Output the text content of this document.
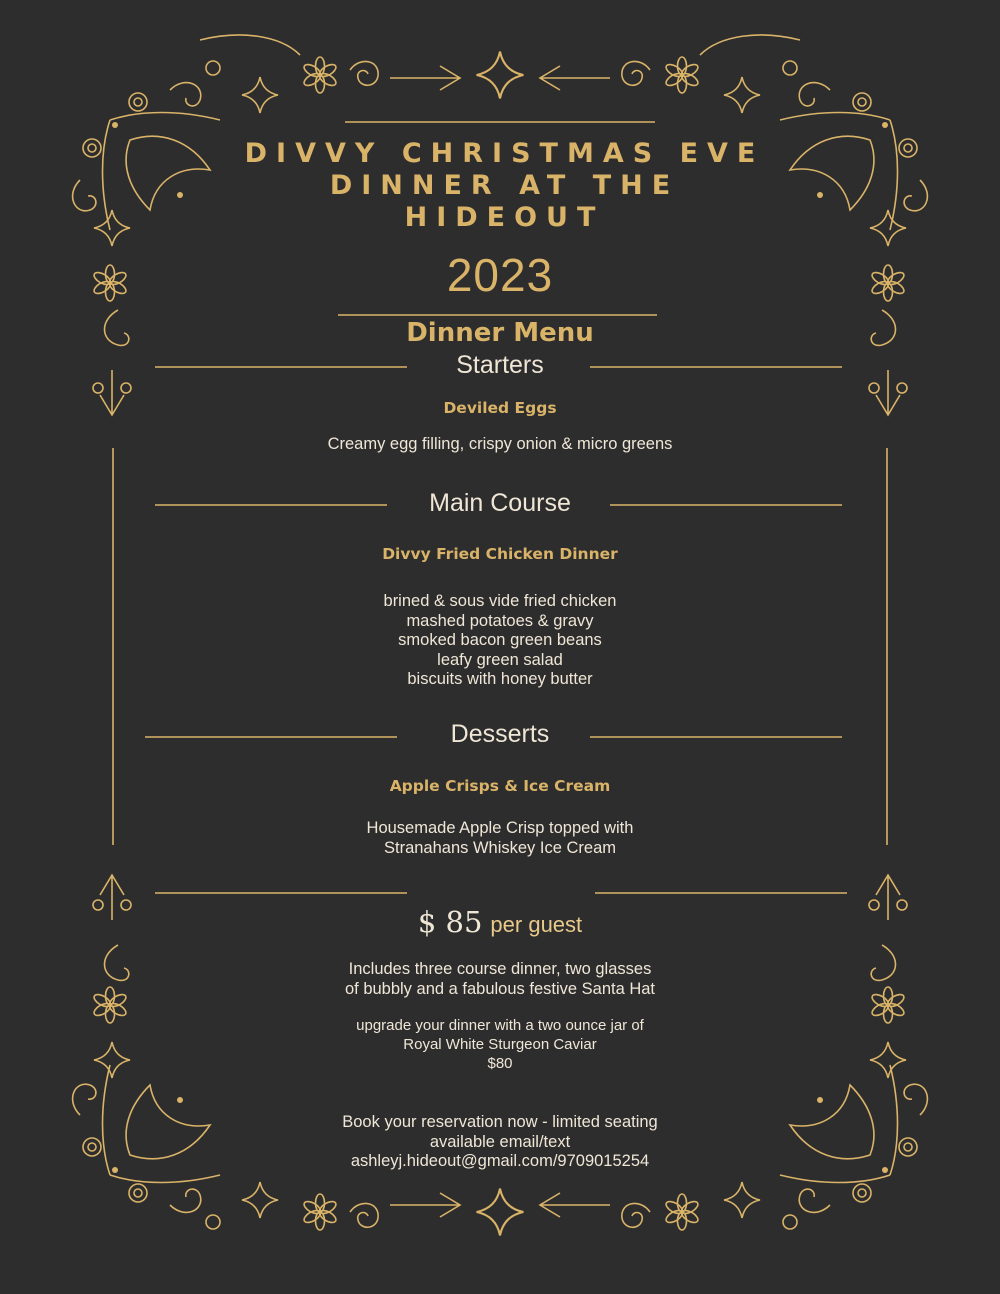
DIVVY CHRISTMAS EVE
DINNER AT THE
HIDEOUT
2023
Dinner Menu
Starters
Deviled Eggs
Creamy egg filling, crispy onion & micro greens
Main Course
Divvy Fried Chicken Dinner
brined & sous vide fried chicken
mashed potatoes & gravy
smoked bacon green beans
leafy green salad
biscuits with honey butter
Desserts
Apple Crisps & Ice Cream
Housemade Apple Crisp topped with
Stranahans Whiskey Ice Cream
$ 85 per guest
Includes three course dinner, two glasses
of bubbly and a fabulous festive Santa Hat
upgrade your dinner with a two ounce jar of
Royal White Sturgeon Caviar
$80
Book your reservation now - limited seating
available email/text
ashleyj.hideout@gmail.com/9709015254
